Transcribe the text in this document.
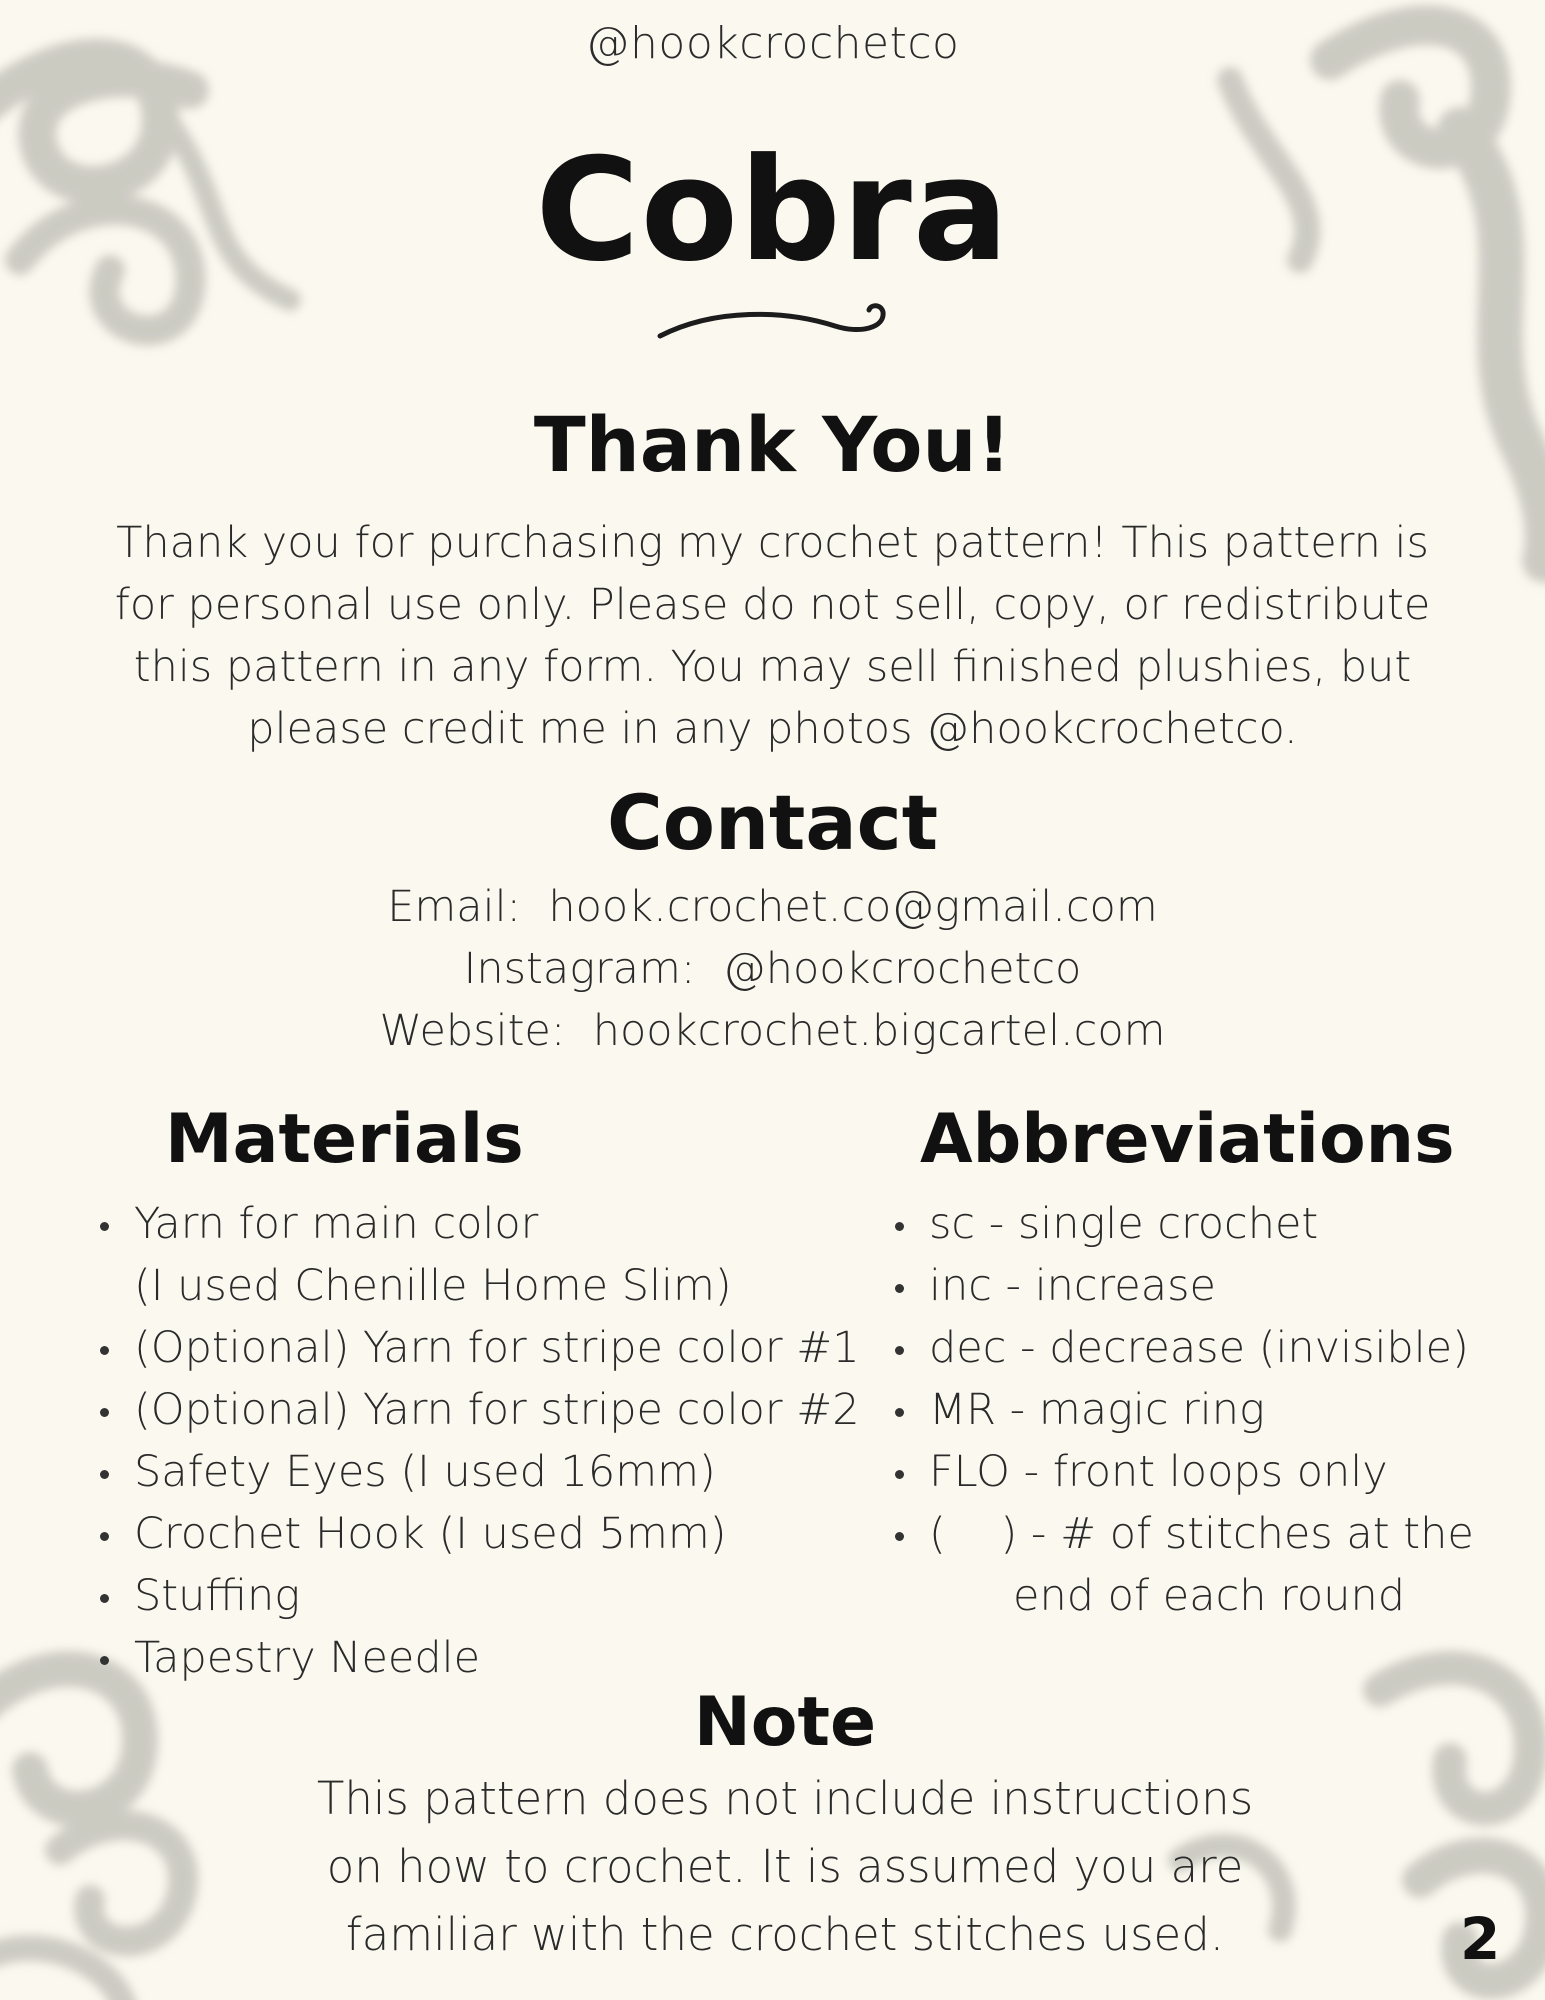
@hookcrochetco
Cobra
Thank You!

Thank you for purchasing my crochet pattern! This pattern is
for personal use only. Please do not sell, copy, or redistribute
this pattern in any form. You may sell finished plushies, but
please credit me in any photos @hookcrochetco.

Contact
Email:  hook.crochet.co@gmail.com
Instagram:  @hookcrochetco
Website:  hookcrochet.bigcartel.com
Materials
Yarn for main color
(I used Chenille Home Slim)
(Optional) Yarn for stripe color #1
(Optional) Yarn for stripe color #2
Safety Eyes (I used 16mm)
Crochet Hook (I used 5mm)
Stuffing
Tapestry Needle
Abbreviations
sc - single crochet
inc - increase
dec - decrease (invisible)
MR - magic ring
FLO - front loops only
(    ) - # of stitches at the
end of each round
Note

This pattern does not include instructions
on how to crochet. It is assumed you are
familiar with the crochet stitches used.	2
